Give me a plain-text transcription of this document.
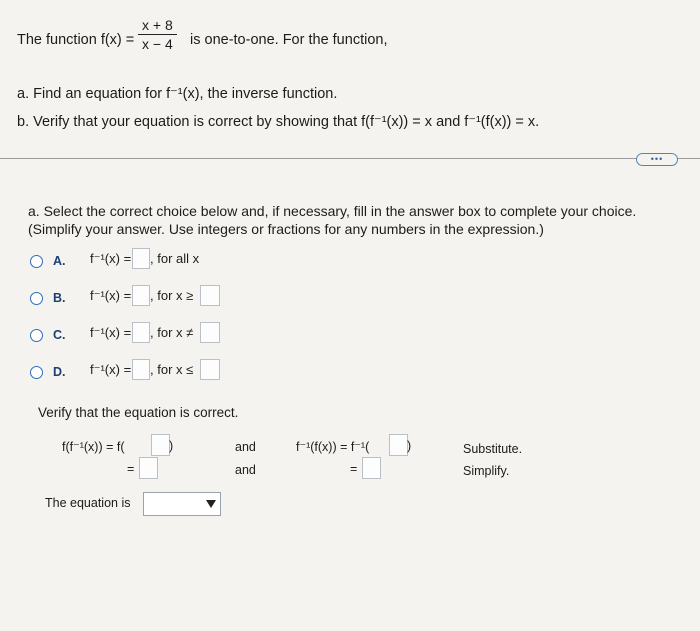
The function f(x) =
x + 8
x − 4 is one-to-one. For the function,
a. Find an equation for f⁻¹(x), the inverse function.
b. Verify that your equation is correct by showing that f(f⁻¹(x)) = x and f⁻¹(f(x)) = x.
•••
a. Select the correct choice below and, if necessary, fill in the answer box to complete your choice.
(Simplify your answer. Use integers or fractions for any numbers in the expression.)
A. f⁻¹(x) = , for all x
B. f⁻¹(x) = , for x ≥
C. f⁻¹(x) = , for x ≠
D. f⁻¹(x) = , for x ≤
Verify that the equation is correct.
f(f⁻¹(x)) = f(	)
=
and
and
f⁻¹(f(x)) = f⁻¹(	)
=
Substitute.
Simplify.
The equation is
